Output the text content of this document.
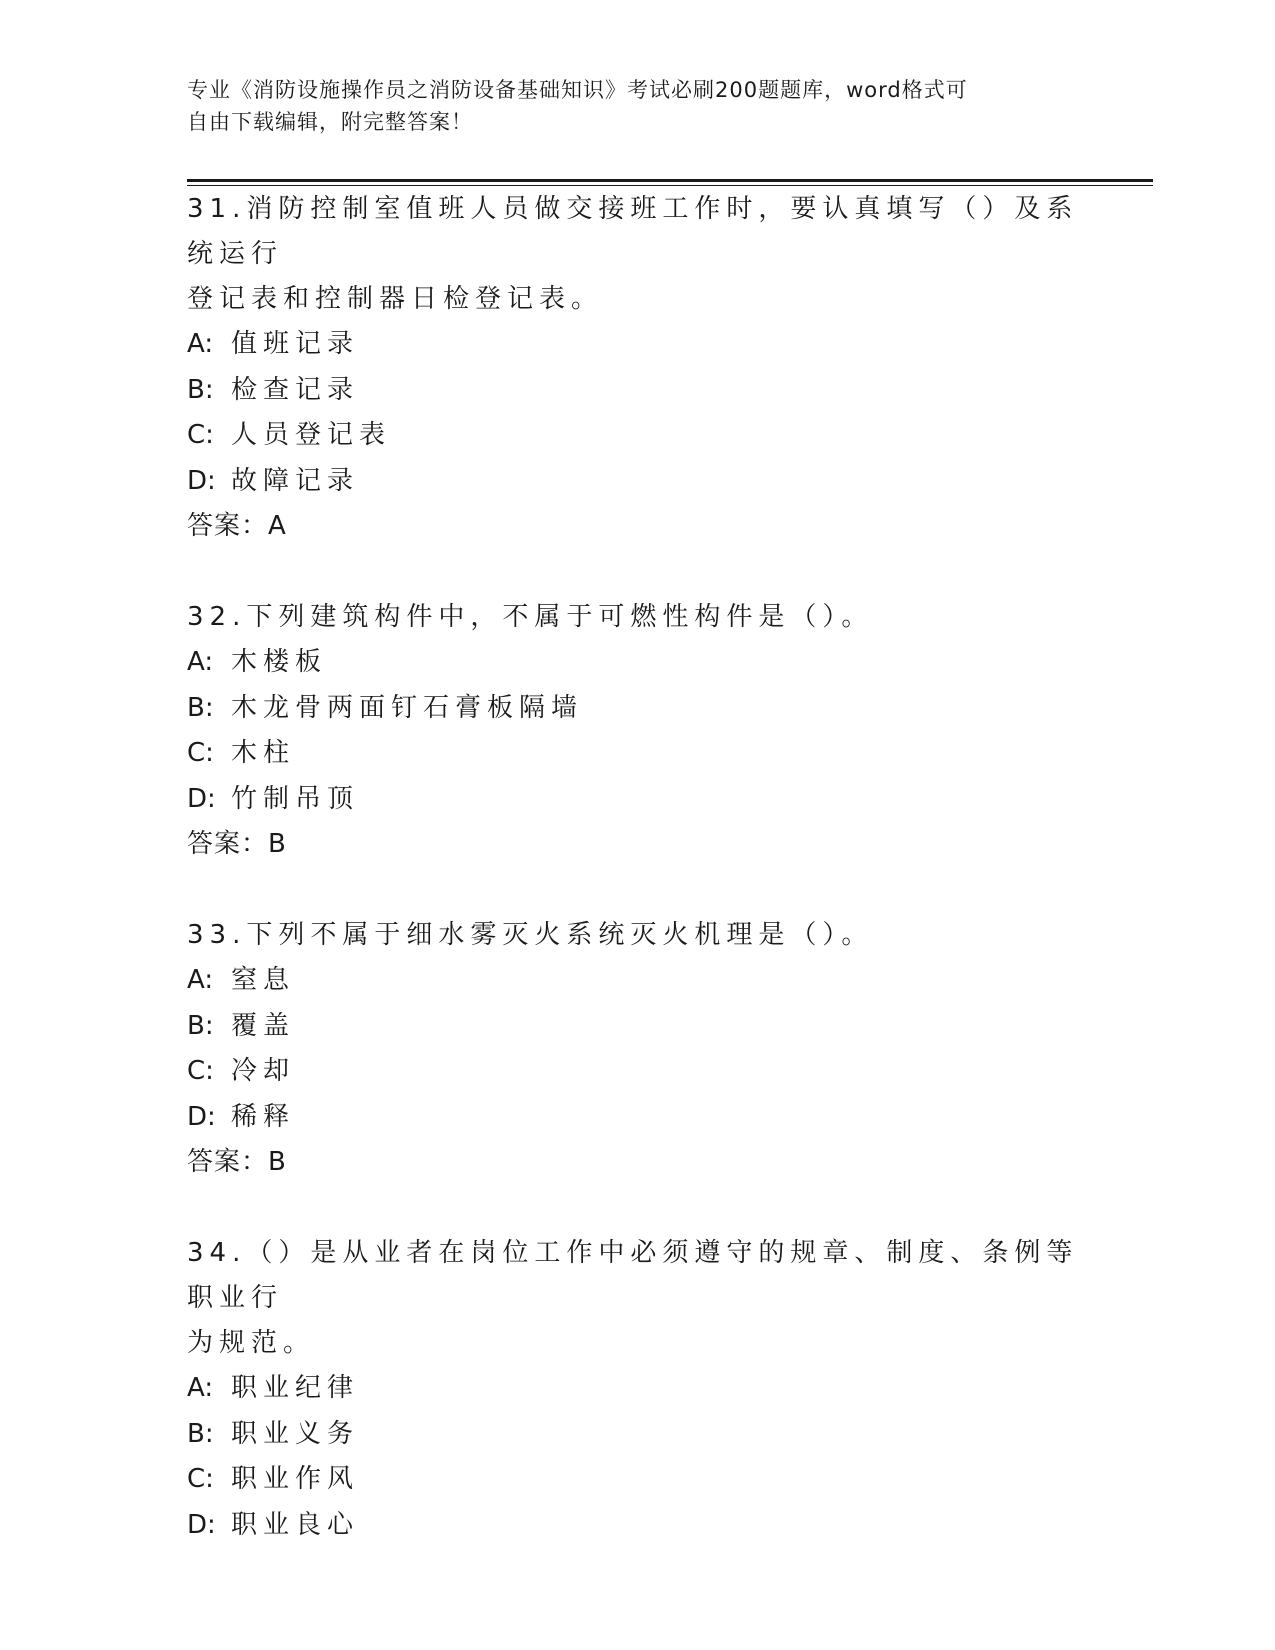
专业《消防设施操作员之消防设备基础知识》考试必刷200题题库，word格式可
自由下载编辑，附完整答案！
31.消防控制室值班人员做交接班工作时，要认真填写（）及系统运行
登记表和控制器日检登记表。
A: 值班记录
B: 检查记录
C: 人员登记表
D: 故障记录
答案：A
32.下列建筑构件中，不属于可燃性构件是（）。
A: 木楼板
B: 木龙骨两面钉石膏板隔墙
C: 木柱
D: 竹制吊顶
答案：B
33.下列不属于细水雾灭火系统灭火机理是（）。
A: 窒息
B: 覆盖
C: 冷却
D: 稀释
答案：B
34.（）是从业者在岗位工作中必须遵守的规章、制度、条例等职业行
为规范。
A: 职业纪律
B: 职业义务
C: 职业作风
D: 职业良心
